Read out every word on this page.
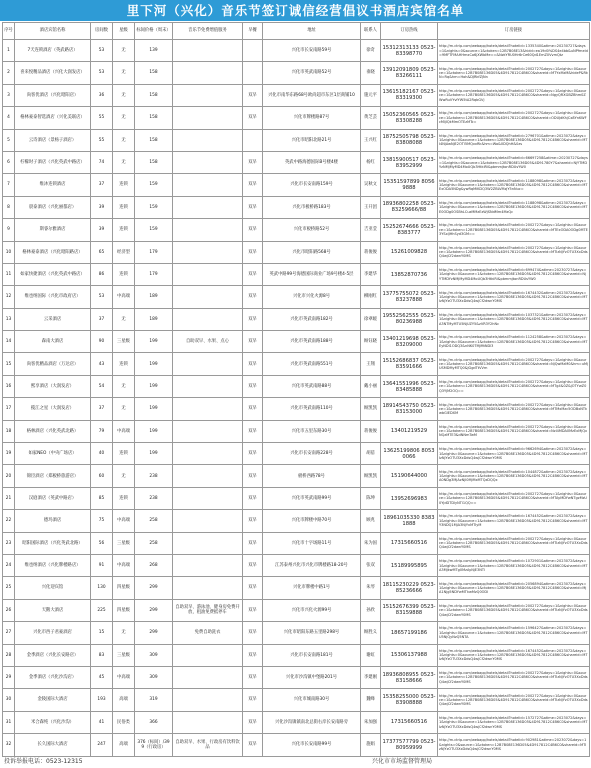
里下河（兴化）音乐节签订诚信经营倡议书酒店宾馆名单
序号	酒店宾馆名称	房间数	星级	标间价格（周末）	音乐节免费增值服务	早餐	地址	联系人	订房热线	订房链接
1	7天连锁酒店（英武路店）	53	无	139			兴化市长安南路59号	徐奇	15312313133 0523-83398770	http://m.ctrip.com/webapp/hotels/detail?hotelid=1335340&atime=20230727&days=1&nights=0&source=1&ctoken=12B7B08E13&hidd=ea19d0%DS4e4bb&uNPfmeld=9MFTFMAHHmxCo6jXWbMe==&NzkYRU0Hr6rCe60Qd1EmZ0VvmQtz
2	喜来悦精品酒店（兴化大润发店）	53	无	158			兴化市英武南路52号	垂晓	13912091809 0523-83266111	http://m.ctrip.com/webapp/hotels/detail?hotelid=2002727&days=1&nights=0&source=1&ctoken=12B7B08E136D05&4D917812C4B6C0&shareid=MTYxMzM&hideP&RkN=Rq&hm=Hoh&DJRkfZjNn
3	尚客优酒店（兴化昭阳店）	36	无	158		双早	兴化市南华东路68号欧尚超市东区1层商铺10	施元平	13615182167 0523-83319300	http://m.ctrip.com/webapp/hotels/detail?hotelid=2002727&days=1&nights=0&source=1&ctoken=12B7B08E136D05&4D917812C4B6C0&shareid=NgyQRXGBZBhm0ZWwRuVYvfYW5tA2RqbGVj
4	格林豪泰智选酒店（兴化美联店）	55	无	158		双早	兴化市牌楼路87号	黄芝芸	15052360565 0523-83308288	http://m.ctrip.com/webapp/hotels/detail?hotelid=2002727&days=1&nights=0&source=1&ctoken=12B7B08E136D05&4D917812C4B6C0&shareid=ODUJdKhjCx8YnKWFcMljIQkMmOTEzMTc=
5	云诗酒店（景杨子酒店）	55	无	158			兴化市昭阳北路21号	王兴红	18752505798 0523-83808088	http://m.ctrip.com/webapp/hotels/detail?hotelid=2796701&atime=2023072&days=1&nights=0&source=1&ctoken=12B7B08E136D05&4D917812C4B6C0&shareid=MTI4NjAwNjE2OTl5MQxxRk&hm=Wo&0DQhH&0zs
6	柠檬时子酒店（兴化英武中路店）	74	无	158		双早	英武中路海德国际B号楼4楼	杨红	13815900517 0523-83952999	http://m.ctrip.com/webapp/hotels/detail?hotelid=66697258&atime=20230727&days=1&nights=0&source=1&ctoken=12B7B08E136D05&4D91780Y7&shareid=NjYTMDYzNMjMyMD4MoUQb3HtkiRi&pbmmjtonRDUsYW0
7	维沐连锁酒店	37	连锁	159		双早	兴化市长安南路159号	吴秋文	15351597899 80569888	http://m.ctrip.com/webapp/hotels/detail?hotelid=1188098&atime=2023072&days=1&nights=0&source=1&ctoken=12B7B08E136D05&4D917812C4B6C0&shareid=MTExODA5NDg&ywRqMiKDQ3W2ZBLVMzjY5nNuc=
8	晨泰酒店（兴化丽都店）	39	连锁	159		双早	兴化市板桥路183号	王开团	18936802258 0523-83259666/88	http://m.ctrip.com/webapp/hotels/detail?hotelid=1188098&atime=2023072&days=1&nights=0&source=1&ctoken=12B7B08E136D05&4D917812C4B6C0&shareid=MTE0ODg0OSBhLCuzMMzEzWjSNdMm4MzQc
9	斯睿尔雅酒店	39	连锁	159		双早	兴化市板桥路52号	吉亚莹	15252674666 0523-8383777	http://m.ctrip.com/webapp/hotels/detail?hotelid=2002727&days=1&nights=0&source=1&ctoken=12B7B08E136D05&4D917812C4B6C0&shareid=MTExODA0ODg0MTE3YSxlJHhSyd3GM==
10	格林豪泰酒店（兴化昭阳路店）	65	经济型	179		双早	兴化市昭阳路568号	蒋俊俊	15261009828	http://m.ctrip.com/webapp/hotels/detail?hotelid=2002727&days=1&nights=0&source=1&ctoken=12B7B08E136D05&4D917812C4B6C0&shareid=MTIzNjYzOTU3XxDdsQ4wjCf2dwnY0MS
11	如家快捷酒店（兴化英武中路店）	86	连锁	179		双早	英武中路99号海德国际商业广场9号楼4-5层	李建华	13852870736	http://m.ctrip.com/webapp/hotels/detail?hotelid=699474&atime=20230727&days=1&nights=0&source=1&ctoken=12B7B08E136D05&4D917812C4B6C0&shareid=NjYTMDYzNMjMyMD4MoUQb3HtkiRi&pbmmjtonRDUsYW0
12	维也纳国际（兴化市政府店）	53	中高端	189		双早	兴化市兴化火源8号	柳刚红	13775755072 0523-83237888	http://m.ctrip.com/webapp/hotels/detail?hotelid=1674432&atime=2023072&days=1&nights=0&source=1&ctoken=12B7B08E136D05&4D917812C4B6C0&shareid=MTIzNjYzOTU3XxDdsQ4wjCf2dwnY0MS
13	云采酒店	37	无	189		双早	兴化市英武南路182号	徐翠媛	19552562555 0523-80236988	http://m.ctrip.com/webapp/hotels/detail?hotelid=1037321&atime=2023072&days=1&nights=0&source=1&ctoken=12B7B08E136D05&4D917812C4B6C0&shareid=MTA3NTMyMTU5NjUZY5&zVR3Y2hNc
14	森南大酒店	90	三星级	199	自助双早、水果、点心	双早	兴化市英武南路188号	顾钰晓	13401219698 0523-83209000	http://m.ctrip.com/webapp/hotels/detail?hotelid=1124258&atime=2023072&days=1&nights=0&source=1&ctoken=12B7B08E136D05&4D917812C4B6C0&shareid=MTEyNDI1ODQ3&nNK0TMjMtNDl3
15	尚客优精品酒店（万达店）	43	连锁	199		双早	兴化市英武南路551号	王翔	15152686837 0523-83591666	http://m.ctrip.com/webapp/hotels/detail?hotelid=2002727&days=1&nights=0&source=1&ctoken=12B7B08E136D05&4D917812C4B6C0&shareid=NjQwMzM0&hm=uMjUSMDMyMTQ0&JGgdTtVVm
16	熙享酒店（大润发店）	54	无	199		双早	兴化市英武南路88号	戴小丽	13641551996 0523-83485888	http://m.ctrip.com/webapp/hotels/detail?hotelid=2002727&days=1&nights=0&source=1&ctoken=12B7B08E136D05&4D917812C4B6C0&shareid=MTg4&0Z&jOTYwZ0Q3YjM2OQ==
17	揽江之星（大润发店）	37	无	199		双早	兴化市英武南路110号	顾凯凯	18914543750 0523-83153000	http://m.ctrip.com/webapp/hotels/detail?hotelid=2002727&days=1&nights=0&source=1&ctoken=12B7B08E136D05&4D917812C4B6C0&shareid=MTMxMzc5ODBxNTkwbGlEDXM
18	格林酒店（兴化英武北路）	79	中高端	199		双早	兴化市五里东路30号	蒋俊俊	13401219529	http://m.ctrip.com/webapp/hotels/detail?hotelid=2002727&days=1&nights=0&source=1&ctoken=12B7B08E136D05&4D917812C4B6C0&shareid=NzI4MDA0MzExMjQxNQzMTE3&dNNmTwM
19	如家NEO（中央广场店）	40	连锁	199		双早	兴化市长安南路228号	胡蓓	13625199806 80530066	http://m.ctrip.com/webapp/hotels/detail?hotelid=9662694&atime=2023072&days=1&nights=0&source=1&ctoken=12B7B08E136D05&4D917812C4B6C0&shareid=MTIzNjYzOTU3XxDdsQ4wjCf2dwnY0MS
20	锦臣酒店（郑板桥旅游店）	60	无	238		双早	板桥西路78号	顾凯凯	15190644000	http://m.ctrip.com/webapp/hotels/detail?hotelid=1044872&atime=2023072&days=1&nights=0&source=1&ctoken=12B7B08E136D05&4D917812C4B6C0&shareid=MTA0NDg3MjAzNjI0MjMxMTQzDQQx
21	汉庭酒店（英武中路店）	85	连锁	238		双早	兴化市英武南路99号	陈坤	13952696983	http://m.ctrip.com/webapp/hotels/detail?hotelid=2002727&days=1&nights=0&source=1&ctoken=12B7B08E136D05&4D917812C4B6C0&shareid=MTAyMDYwNTgzMzU0YjdDTDlyNTl1QQ==
22	德玛酒店	75	中高端	258		双早	兴化市牌楼中路70号	顾兆	18961035330 83831888	http://m.ctrip.com/webapp/hotels/detail?hotelid=1674452&atime=2023072&days=1&nights=0&source=1&ctoken=12B7B08E136D05&4D917812C4B6C0&shareid=MTY3NDQ1MjA3NjYxMTIyM
23	昭阳国际酒店（兴化英武北路）	56	三星级	258		双早	兴化市十字场路11号	朱为国	17315660516	http://m.ctrip.com/webapp/hotels/detail?hotelid=2002727&days=1&nights=0&source=1&ctoken=12B7B08E136D05&4D917812C4B6C0&shareid=MTIzNjYzOTU3XxDdsQ4wjCf2dwnY0MS
24	维也纳酒店（兴化牌楼路店）	91	中高端	268		双早	江苏泰州兴化市兴化市牌楼路18-20号	张双	15189995895	http://m.ctrip.com/webapp/hotels/detail?hotelid=1072901&atime=2023072&days=1&nights=0&source=1&ctoken=12B7B08E136D05&4D917812C4B6C0&shareid=MTA3MjkwMTg0MzAyNjE3NTl
25	兴化迎宾馆	130	四星级	299		双早	兴化市牌楼中路1号	朱琴	18115230229 0523-85236666	http://m.ctrip.com/webapp/hotels/detail?hotelid=2056894&atime=2023072&days=1&nights=0&source=1&ctoken=12B7B08E136D05&4D917812C4B6C0&shareid=MjA1Njg5NDYwMTkwMzQ0ODI
26	天鹅大酒店	225	四星级	299	自助双早、游泳池、健身房免费开放，租油免费抵停车	双早	兴化市兴化火源99号	孙欣	15152676399 0523-83159888	http://m.ctrip.com/webapp/hotels/detail?hotelid=2002727&days=1&nights=0&source=1&ctoken=12B7B08E136D05&4D917812C4B6C0&shareid=MTIzNjYzOTU3XxDdsQ4wjCf2dwnY0MS
27	兴化市西子君豪酒店	15	无	299	免费自助洗衣	双早	兴化市昭阳东路五里路298号	顾胜义	18657199186	http://m.ctrip.com/webapp/hotels/detail?hotelid=1596427&atime=2023072&days=1&nights=0&source=1&ctoken=12B7B08E136D05&4D917812C4B6C0&shareid=MTU5NjQyNzQ5NTA
28	金季酒店（兴化长安路店）	83	三星级	309		双早	兴化市长安南路181号	谢虹	15306137988	http://m.ctrip.com/webapp/hotels/detail?hotelid=1674452&atime=2023072&days=1&nights=0&source=1&ctoken=12B7B08E136D05&4D917812C4B6C0&shareid=MTIzNjYzOTU3XxDdsQ4wjCf2dwnY0MS
29	金季酒店（兴化沙沟店）	45	中高端	309		双早	兴化市沙沟镇中堡路201号	李建刚	18936808955 0523-83158666	http://m.ctrip.com/webapp/hotels/detail?hotelid=2002727&days=1&nights=0&source=1&ctoken=12B7B08E136D05&4D917812C4B6C0&shareid=MTIzNjYzOTU3XxDdsQ4wjCf2dwnY0MS
30	金陵国际大酒店	193	高端	319		双早	兴化市城南路30号	魏峰	15358255000 0523-83908888	http://m.ctrip.com/webapp/hotels/detail?hotelid=2002727&days=1&nights=0&source=1&ctoken=12B7B08E136D05&4D917812C4B6C0&shareid=MTIzNjYzOTU3XxDdsQ4wjCf2dwnY0MS
31	米合森纯（兴化沙沟）	41	民俗类	366		双早	兴化沙沟镇镇南北总街右岸长安南路旁	朱加强	17315660516	http://m.ctrip.com/webapp/hotels/detail?hotelid=1572727&atime=2023072&days=1&nights=0&source=1&ctoken=12B7B08E136D05&4D917812C4B6C0&shareid=MTIzNjYzOTU3XxDdsQ4wjCf2dwnY0MS
32	长久国际大酒店	247	高端	376（标间）/399（行政房）	自助双早、水果、行政房有饮料饮品	双早	兴化市长安南路99号	施娟	17377577799 0523-80959999	http://m.ctrip.com/webapp/hotels/detail?hotelid=902981&atime=2023072&days=1&nights=0&source=1&ctoken=12B7B08E136D05&4D917812C4B6C0&shareid=MTIzNjYzOTU3XxDdsQ4wjCf2dwnY0MS
投诉举报电话：0523-12315	兴化市市场监督管理局
